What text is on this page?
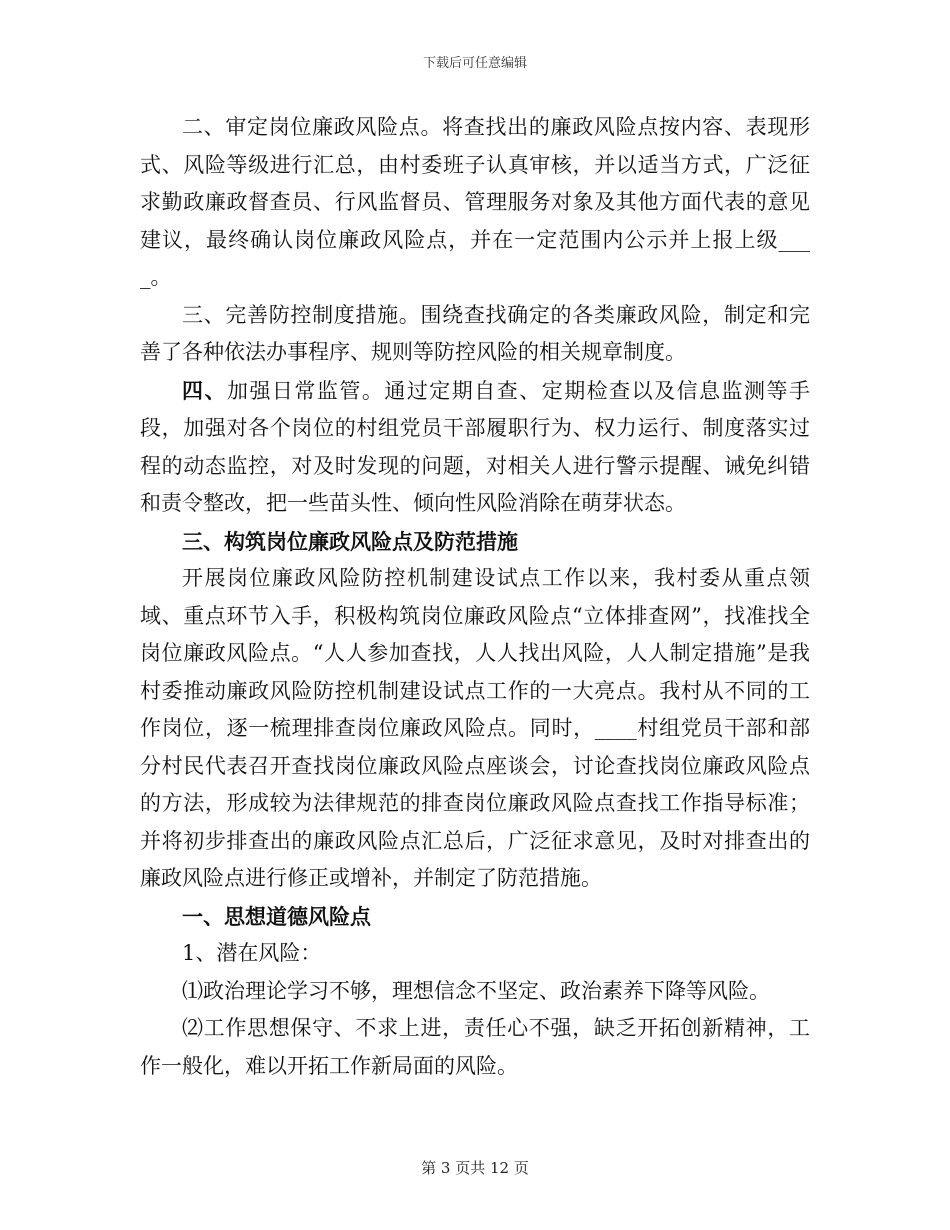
下载后可任意编辑

二、审定岗位廉政风险点。将查找出的廉政风险点按内容、表现形式、风险等级进行汇总，由村委班子认真审核，并以适当方式，广泛征求勤政廉政督查员、行风监督员、管理服务对象及其他方面代表的意见建议，最终确认岗位廉政风险点，并在一定范围内公示并上报上级____。

三、完善防控制度措施。围绕查找确定的各类廉政风险，制定和完善了各种依法办事程序、规则等防控风险的相关规章制度。

四、加强日常监管。通过定期自查、定期检查以及信息监测等手段，加强对各个岗位的村组党员干部履职行为、权力运行、制度落实过程的动态监控，对及时发现的问题，对相关人进行警示提醒、诫免纠错和责令整改，把一些苗头性、倾向性风险消除在萌芽状态。

三、构筑岗位廉政风险点及防范措施

开展岗位廉政风险防控机制建设试点工作以来，我村委从重点领域、重点环节入手，积极构筑岗位廉政风险点“立体排查网”，找准找全岗位廉政风险点。“人人参加查找，人人找出风险，人人制定措施”是我村委推动廉政风险防控机制建设试点工作的一大亮点。我村从不同的工作岗位，逐一梳理排查岗位廉政风险点。同时，____村组党员干部和部分村民代表召开查找岗位廉政风险点座谈会，讨论查找岗位廉政风险点的方法，形成较为法律规范的排查岗位廉政风险点查找工作指导标准；并将初步排查出的廉政风险点汇总后，广泛征求意见，及时对排查出的廉政风险点进行修正或增补，并制定了防范措施。

一、思想道德风险点

1、潜在风险：

⑴政治理论学习不够，理想信念不坚定、政治素养下降等风险。

⑵工作思想保守、不求上进，责任心不强，缺乏开拓创新精神，工作一般化，难以开拓工作新局面的风险。

第 3 页共 12 页
